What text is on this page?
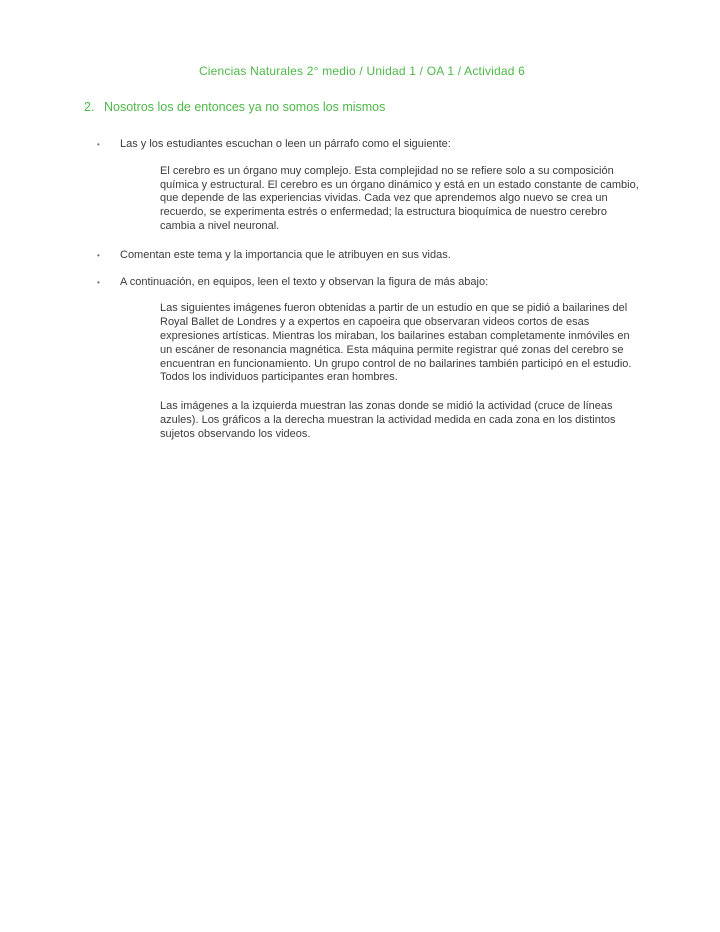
Ciencias Naturales 2° medio / Unidad 1 / OA 1 / Actividad 6
2. Nosotros los de entonces ya no somos los mismos
•	Las y los estudiantes escuchan o leen un párrafo como el siguiente:

El cerebro es un órgano muy complejo. Esta complejidad no se refiere solo a su composición química y estructural. El cerebro es un órgano dinámico y está en un estado constante de cambio, que depende de las experiencias vividas. Cada vez que aprendemos algo nuevo se crea un recuerdo, se experimenta estrés o enfermedad; la estructura bioquímica de nuestro cerebro cambia a nivel neuronal.

•	Comentan este tema y la importancia que le atribuyen en sus vidas.

•	A continuación, en equipos, leen el texto y observan la figura de más abajo:

Las siguientes imágenes fueron obtenidas a partir de un estudio en que se pidió a bailarines del Royal Ballet de Londres y a expertos en capoeira que observaran videos cortos de esas expresiones artísticas. Mientras los miraban, los bailarines estaban completamente inmóviles en un escáner de resonancia magnética. Esta máquina permite registrar qué zonas del cerebro se encuentran en funcionamiento. Un grupo control de no bailarines también participó en el estudio. Todos los individuos participantes eran hombres.

Las imágenes a la izquierda muestran las zonas donde se midió la actividad (cruce de líneas azules). Los gráficos a la derecha muestran la actividad medida en cada zona en los distintos sujetos observando los videos.
